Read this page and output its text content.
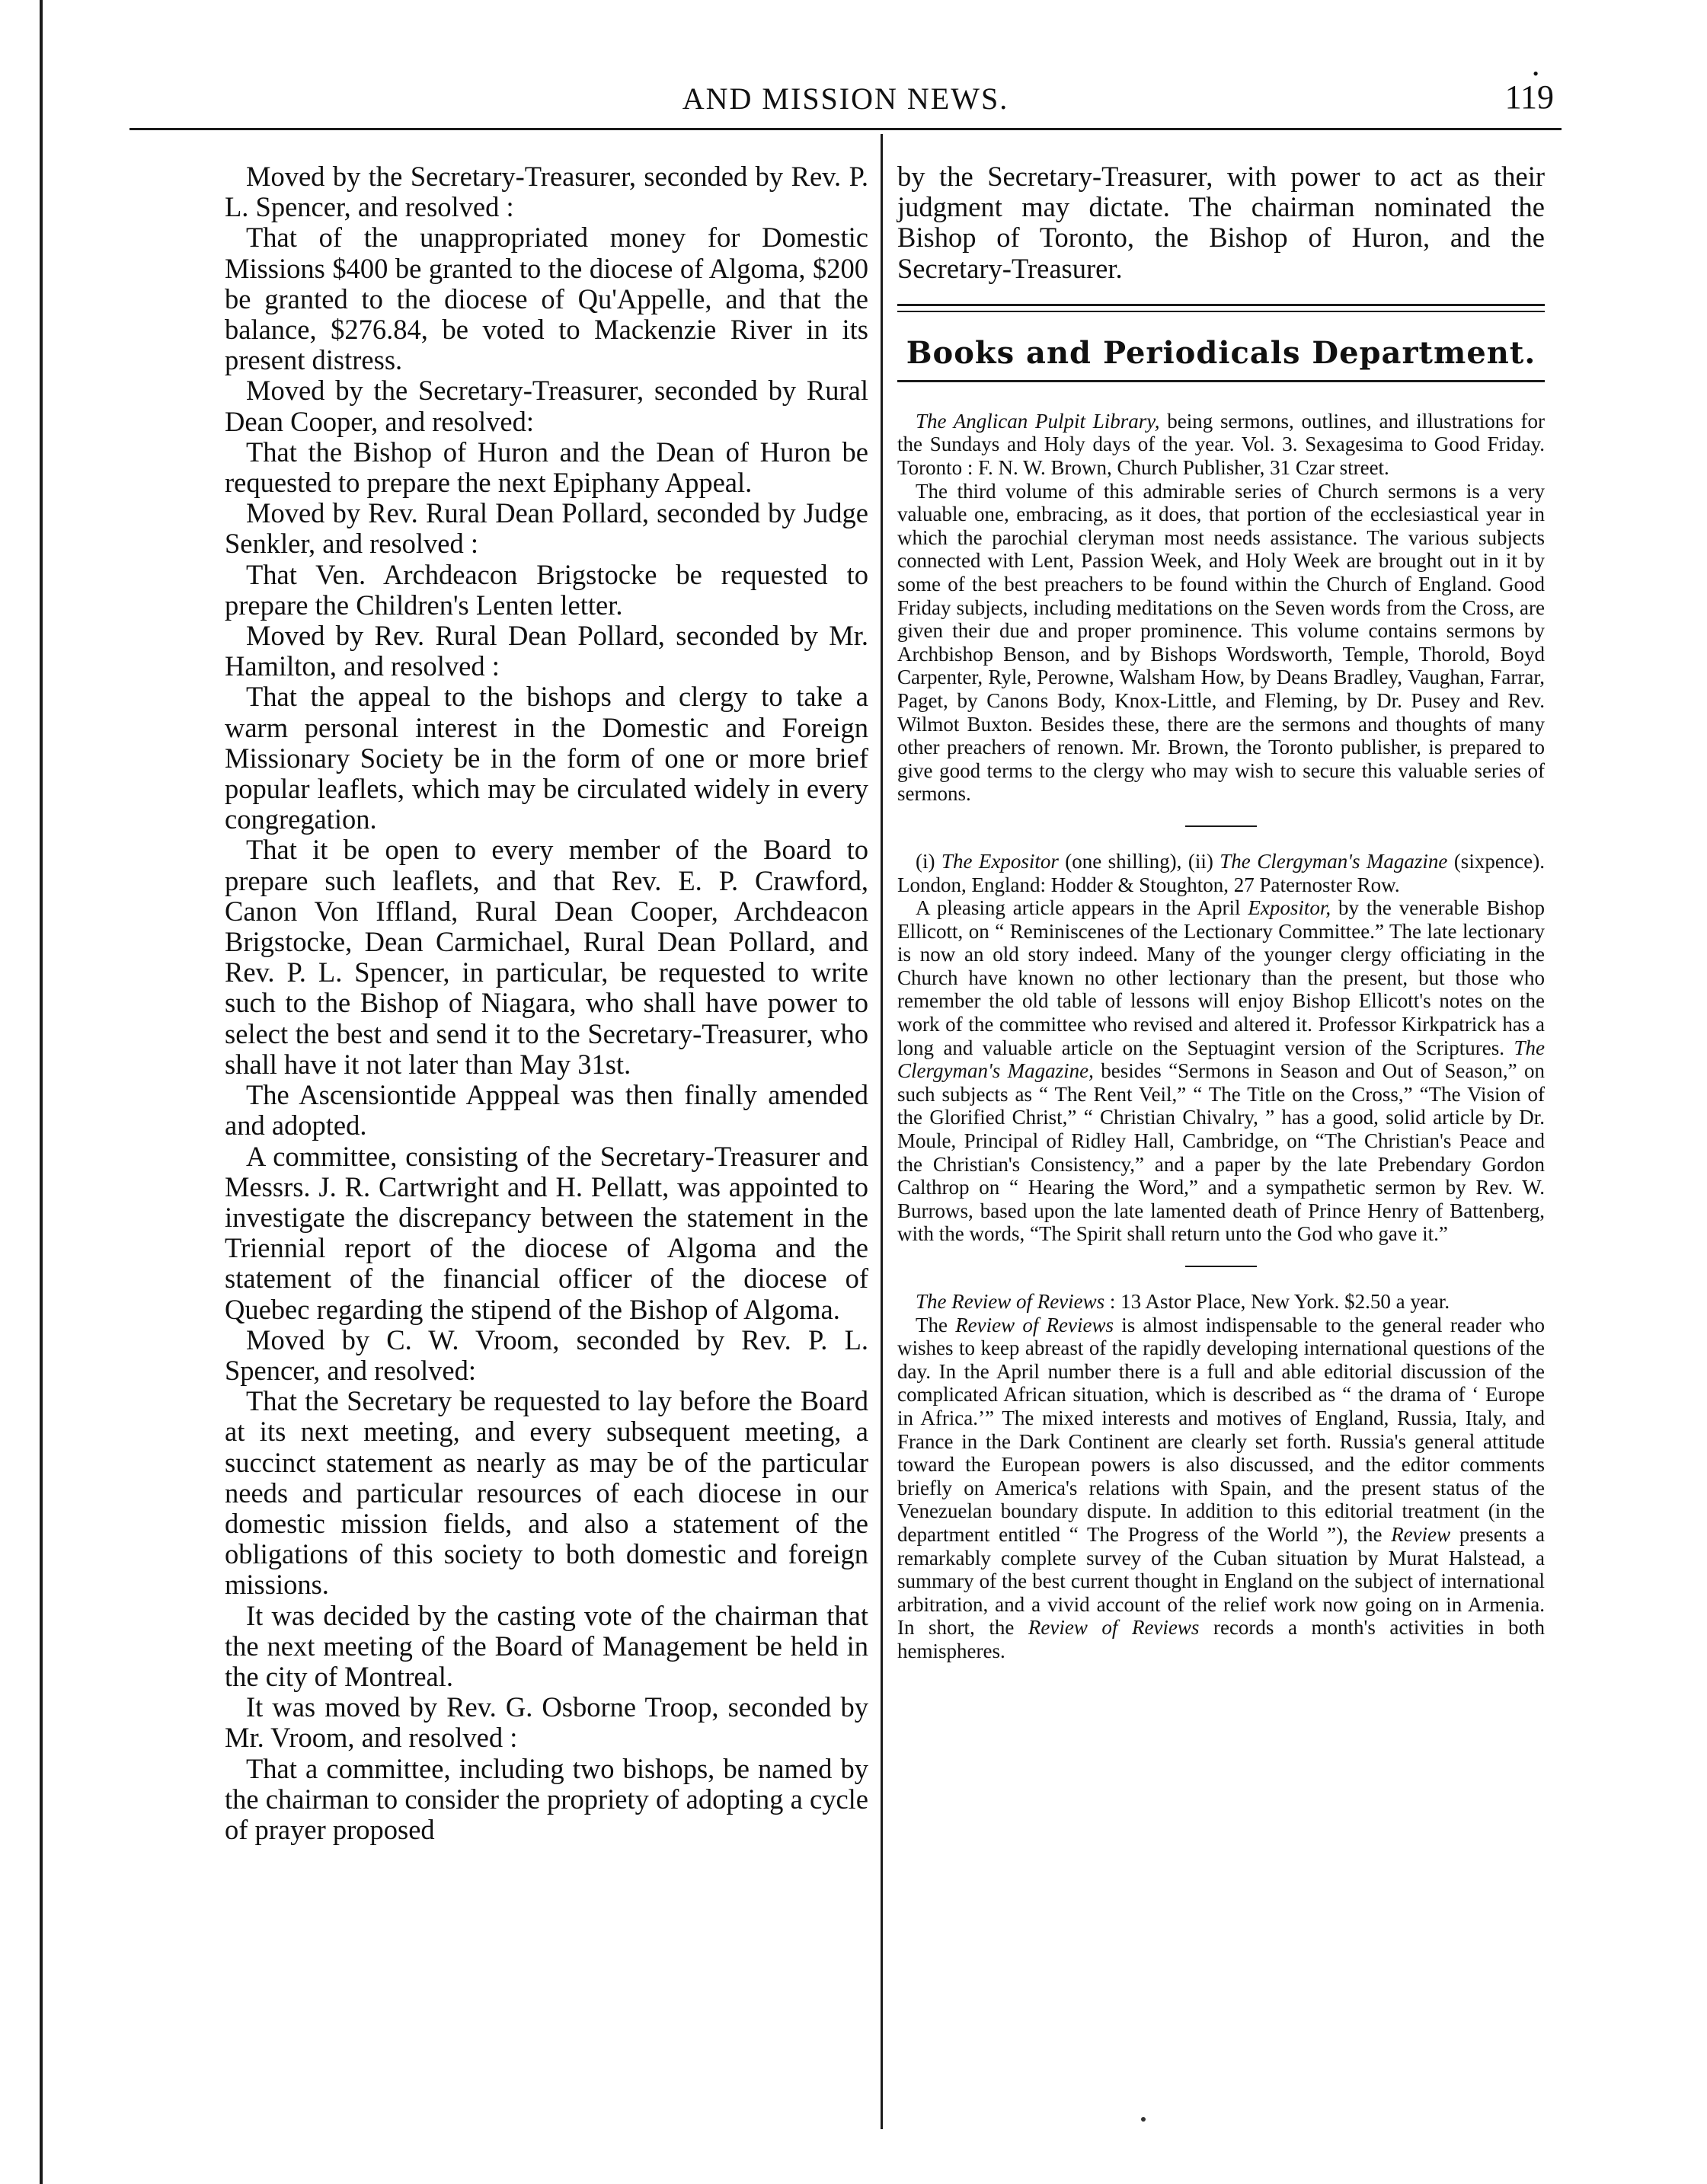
AND MISSION NEWS.
•
119

Moved by the Secretary-Treasurer, seconded by Rev. P. L. Spencer, and resolved :

That of the unappropriated money for Domestic Missions $400 be granted to the diocese of Algoma, $200 be granted to the diocese of Qu'Appelle, and that the balance, $276.84, be voted to Mackenzie River in its present distress.

Moved by the Secretary-Treasurer, seconded by Rural Dean Cooper, and resolved:

That the Bishop of Huron and the Dean of Huron be requested to prepare the next Epiphany Appeal.

Moved by Rev. Rural Dean Pollard, seconded by Judge Senkler, and resolved :

That Ven. Archdeacon Brigstocke be requested to prepare the Children's Lenten letter.

Moved by Rev. Rural Dean Pollard, seconded by Mr. Hamilton, and resolved :

That the appeal to the bishops and clergy to take a warm personal interest in the Domestic and Foreign Missionary Society be in the form of one or more brief popular leaflets, which may be circulated widely in every congregation.

That it be open to every member of the Board to prepare such leaflets, and that Rev. E. P. Crawford, Canon Von Iffland, Rural Dean Cooper, Archdeacon Brigstocke, Dean Carmichael, Rural Dean Pollard, and Rev. P. L. Spencer, in particular, be requested to write such to the Bishop of Niagara, who shall have power to select the best and send it to the Secretary-Treasurer, who shall have it not later than May 31st.

The Ascensiontide Apppeal was then finally amended and adopted.

A committee, consisting of the Secretary-Treasurer and Messrs. J. R. Cartwright and H. Pellatt, was appointed to investigate the discrepancy between the statement in the Triennial report of the diocese of Algoma and the statement of the financial officer of the diocese of Quebec regarding the stipend of the Bishop of Algoma.

Moved by C. W. Vroom, seconded by Rev. P. L. Spencer, and resolved:

That the Secretary be requested to lay before the Board at its next meeting, and every subsequent meeting, a succinct statement as nearly as may be of the particular needs and particular resources of each diocese in our domestic mission fields, and also a statement of the obligations of this society to both domestic and foreign missions.

It was decided by the casting vote of the chairman that the next meeting of the Board of Management be held in the city of Montreal.

It was moved by Rev. G. Osborne Troop, seconded by Mr. Vroom, and resolved :

That a committee, including two bishops, be named by the chairman to consider the propriety of adopting a cycle of prayer proposed

by the Secretary-Treasurer, with power to act as their judgment may dictate. The chairman nominated the Bishop of Toronto, the Bishop of Huron, and the Secretary-Treasurer.

Books and Periodicals Department.

The Anglican Pulpit Library, being sermons, outlines, and illustrations for the Sundays and Holy days of the year. Vol. 3. Sexagesima to Good Friday. Toronto : F. N. W. Brown, Church Publisher, 31 Czar street.

The third volume of this admirable series of Church sermons is a very valuable one, embracing, as it does, that portion of the ecclesiastical year in which the parochial cleryman most needs assistance. The various subjects connected with Lent, Passion Week, and Holy Week are brought out in it by some of the best preachers to be found within the Church of England. Good Friday subjects, including meditations on the Seven words from the Cross, are given their due and proper prominence. This volume contains sermons by Archbishop Benson, and by Bishops Wordsworth, Temple, Thorold, Boyd Carpenter, Ryle, Perowne, Walsham How, by Deans Bradley, Vaughan, Farrar, Paget, by Canons Body, Knox-Little, and Fleming, by Dr. Pusey and Rev. Wilmot Buxton. Besides these, there are the sermons and thoughts of many other preachers of renown. Mr. Brown, the Toronto publisher, is prepared to give good terms to the clergy who may wish to secure this valuable series of sermons.

(i) The Expositor (one shilling), (ii) The Clergyman's Magazine (sixpence). London, England: Hodder & Stoughton, 27 Paternoster Row.

A pleasing article appears in the April Expositor, by the venerable Bishop Ellicott, on “ Reminiscenes of the Lectionary Committee.” The late lectionary is now an old story indeed. Many of the younger clergy officiating in the Church have known no other lectionary than the present, but those who remember the old table of lessons will enjoy Bishop Ellicott's notes on the work of the committee who revised and altered it. Professor Kirkpatrick has a long and valuable article on the Septuagint version of the Scriptures. The Clergyman's Magazine, besides “Sermons in Season and Out of Season,” on such subjects as “ The Rent Veil,” “ The Title on the Cross,” “The Vision of the Glorified Christ,” “ Christian Chivalry, ” has a good, solid article by Dr. Moule, Principal of Ridley Hall, Cambridge, on “The Christian's Peace and the Christian's Consistency,” and a paper by the late Prebendary Gordon Calthrop on “ Hearing the Word,” and a sympathetic sermon by Rev. W. Burrows, based upon the late lamented death of Prince Henry of Battenberg, with the words, “The Spirit shall return unto the God who gave it.”

The Review of Reviews : 13 Astor Place, New York. $2.50 a year.

The Review of Reviews is almost indispensable to the general reader who wishes to keep abreast of the rapidly developing international questions of the day. In the April number there is a full and able editorial discussion of the complicated African situation, which is described as “ the drama of ‘ Europe in Africa.’” The mixed interests and motives of England, Russia, Italy, and France in the Dark Continent are clearly set forth. Russia's general attitude toward the European powers is also discussed, and the editor comments briefly on America's relations with Spain, and the present status of the Venezuelan boundary dispute. In addition to this editorial treatment (in the department entitled “ The Progress of the World ”), the Review presents a remarkably complete survey of the Cuban situation by Murat Halstead, a summary of the best current thought in England on the subject of international arbitration, and a vivid account of the relief work now going on in Armenia. In short, the Review of Reviews records a month's activities in both hemispheres.
